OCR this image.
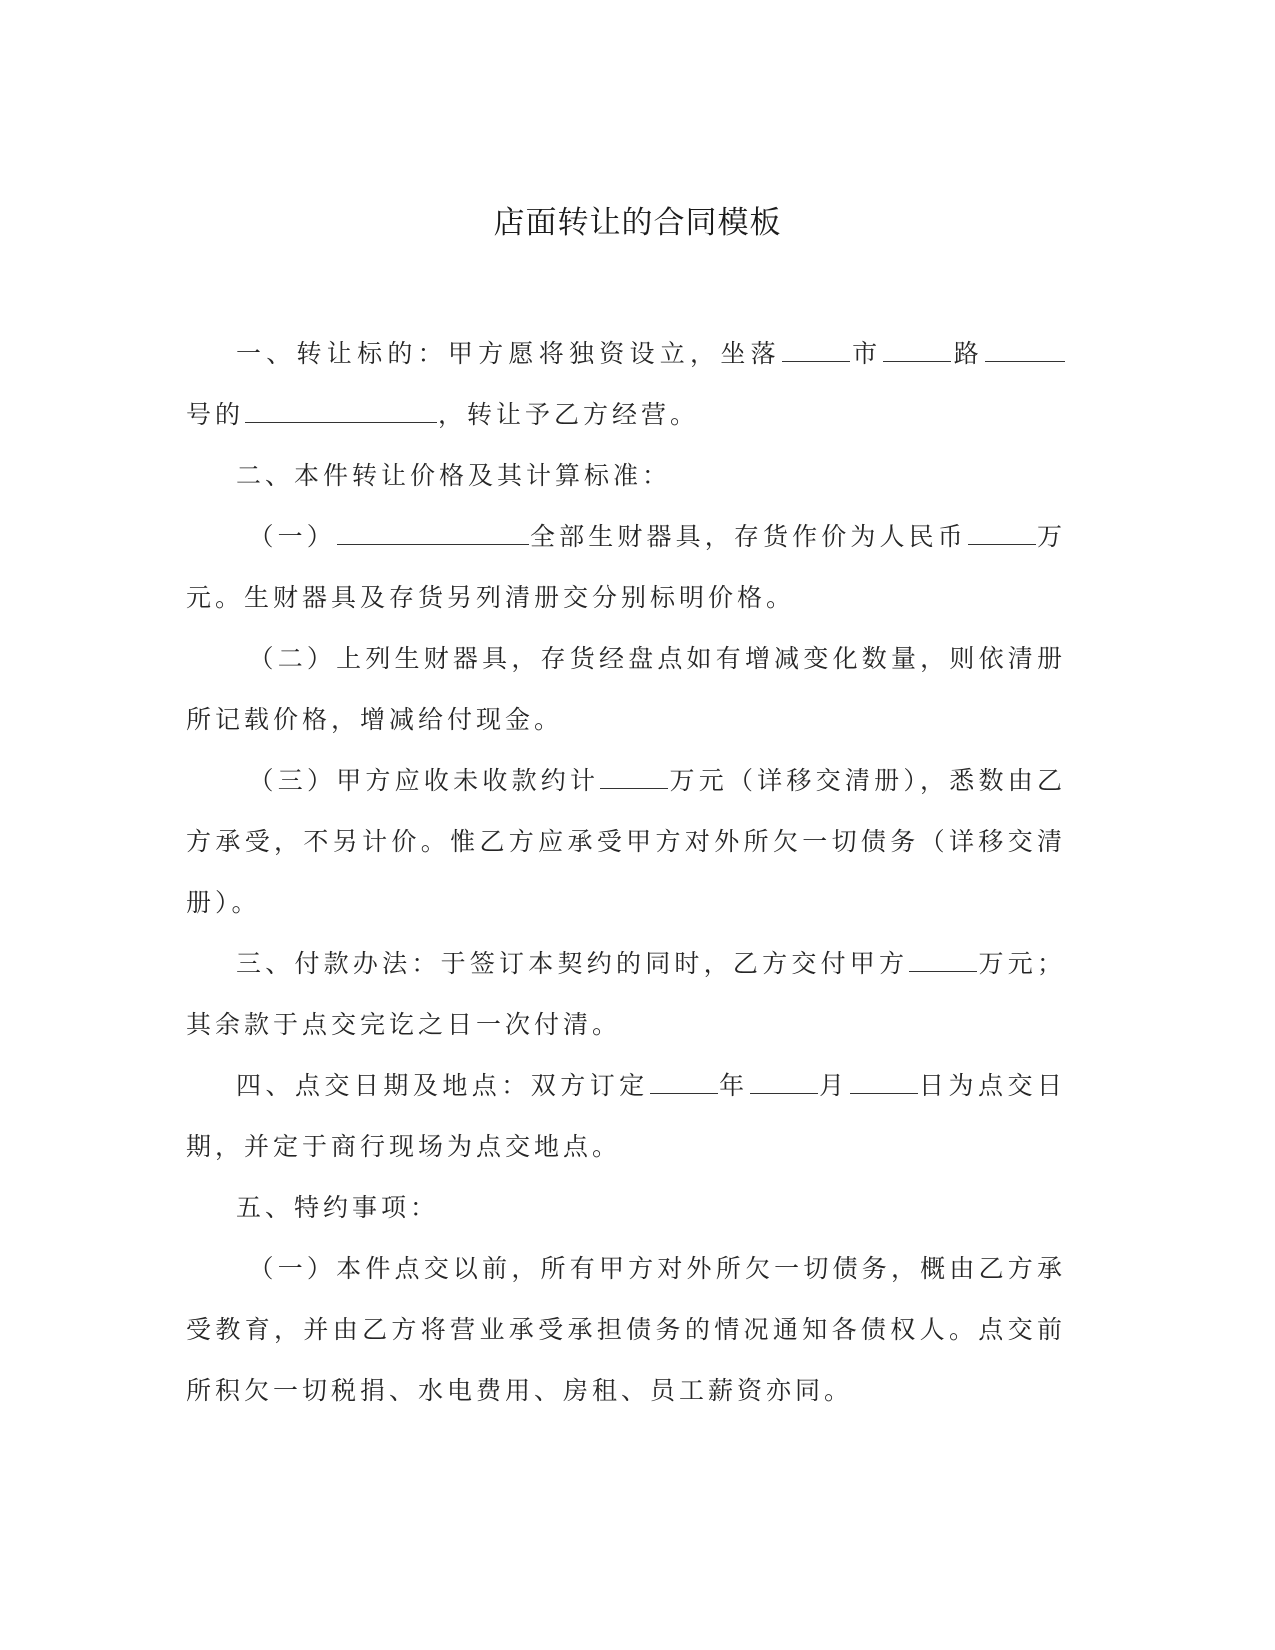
店面转让的合同模板

一、转让标的：甲方愿将独资设立，坐落	市	路号的	，转让予乙方经营。

二、本件转让价格及其计算标准：

（一）	全部生财器具，存货作价为人民币	万元。生财器具及存货另列清册交分别标明价格。

（二）上列生财器具，存货经盘点如有增减变化数量，则依清册所记载价格，增减给付现金。

（三）甲方应收未收款约计	万元（详移交清册），悉数由乙方承受，不另计价。惟乙方应承受甲方对外所欠一切债务（详移交清册）。

三、付款办法：于签订本契约的同时，乙方交付甲方	万元；其余款于点交完讫之日一次付清。

四、点交日期及地点：双方订定	年	月	日为点交日期，并定于商行现场为点交地点。

五、特约事项：

（一）本件点交以前，所有甲方对外所欠一切债务，概由乙方承受教育，并由乙方将营业承受承担债务的情况通知各债权人。点交前所积欠一切税捐、水电费用、房租、员工薪资亦同。
